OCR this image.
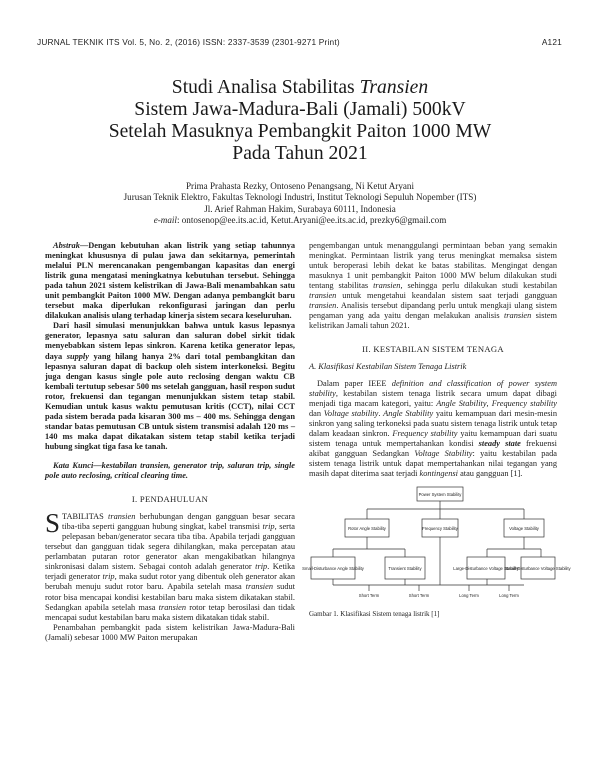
JURNAL TEKNIK ITS Vol. 5, No. 2, (2016) ISSN: 2337-3539 (2301-9271 Print)	A121
Studi Analisa Stabilitas Transien
Sistem Jawa-Madura-Bali (Jamali) 500kV
Setelah Masuknya Pembangkit Paiton 1000 MW
Pada Tahun 2021
Prima Prahasta Rezky, Ontoseno Penangsang, Ni Ketut Aryani
Jurusan Teknik Elektro, Fakultas Teknologi Industri, Institut Teknologi Sepuluh Nopember (ITS)
Jl. Arief Rahman Hakim, Surabaya 60111, Indonesia
e-mail: ontosenop@ee.its.ac.id, Ketut.Aryani@ee.its.ac.id, prezky6@gmail.com

Abstrak—Dengan kebutuhan akan listrik yang setiap tahunnya meningkat khususnya di pulau jawa dan sekitarnya, pemerintah melalui PLN merencanakan pengembangan kapasitas dan energi listrik guna mengatasi meningkatnya kebutuhan tersebut. Sehingga pada tahun 2021 sistem kelistrikan di Jawa-Bali menambahkan satu unit pembangkit Paiton 1000 MW. Dengan adanya pembangkit baru tersebut maka diperlukan rekonfigurasi jaringan dan perlu dilakukan analisis ulang terhadap kinerja sistem secara keseluruhan.

Dari hasil simulasi menunjukkan bahwa untuk kasus lepasnya generator, lepasnya satu saluran dan saluran dobel sirkit tidak menyebabkan sistem lepas sinkron. Karena ketika generator lepas, daya supply yang hilang hanya 2% dari total pembangkitan dan lepasnya saluran dapat di backup oleh sistem interkoneksi. Begitu juga dengan kasus single pole auto reclosing dengan waktu CB kembali tertutup sebesar 500 ms setelah gangguan, hasil respon sudut rotor, frekuensi dan tegangan menunjukkan sistem tetap stabil. Kemudian untuk kasus waktu pemutusan kritis (CCT), nilai CCT pada sistem berada pada kisaran 300 ms – 400 ms. Sehingga dengan standar batas pemutusan CB untuk sistem transmisi adalah 120 ms – 140 ms maka dapat dikatakan sistem tetap stabil ketika terjadi hubung singkat tiga fasa ke tanah.

Kata Kunci—kestabilan transien, generator trip, saluran trip, single pole auto reclosing, critical clearing time.
I. PENDAHULUAN

STABILITAS transien berhubungan dengan gangguan besar secara tiba-tiba seperti gangguan hubung singkat, kabel transmisi trip, serta pelepasan beban/generator secara tiba tiba. Apabila terjadi gangguan tersebut dan gangguan tidak segera dihilangkan, maka percepatan atau perlambatan putaran rotor generator akan mengakibatkan hilangnya sinkronisasi dalam sistem. Sebagai contoh adalah generator trip. Ketika terjadi generator trip, maka sudut rotor yang dibentuk oleh generator akan berubah menuju sudut rotor baru. Apabila setelah masa transien sudut rotor bisa mencapai kondisi kestabilan baru maka sistem dikatakan stabil. Sedangkan apabila setelah masa transien rotor tetap berosilasi dan tidak mencapai sudut kestabilan baru maka sistem dikatakan tidak stabil.

Penambahan pembangkit pada sistem kelistrikan Jawa-Madura-Bali (Jamali) sebesar 1000 MW Paiton merupakan

pengembangan untuk menanggulangi permintaan beban yang semakin meningkat. Permintaan listrik yang terus meningkat memaksa sistem untuk beroperasi lebih dekat ke batas stabilitas. Mengingat dengan masuknya 1 unit pembangkit Paiton 1000 MW belum dilakukan studi tentang stabilitas transien, sehingga perlu dilakukan studi kestabilan transien untuk mengetahui keandalan sistem saat terjadi gangguan transien. Analisis tersebut dipandang perlu untuk mengkaji ulang sistem pengaman yang ada yaitu dengan melakukan analisis transien sistem kelistrikan Jamali tahun 2021.

II. KESTABILAN SISTEM TENAGA
A. Klasifikasi Kestabilan Sistem Tenaga Listrik

Dalam paper IEEE definition and classification of power system stability, kestabilan sistem tenaga listrik secara umum dapat dibagi menjadi tiga macam kategori, yaitu: Angle Stability, Frequency stability dan Voltage stability. Angle Stability yaitu kemampuan dari mesin-mesin sinkron yang saling terkoneksi pada suatu sistem tenaga listrik untuk tetap dalam keadaan sinkron. Frequency stability yaitu kemampuan dari suatu sistem tenaga untuk mempertahankan kondisi steady state frekuensi akibat gangguan Sedangkan Voltage Stability: yaitu kestabilan pada sistem tenaga listrik untuk dapat mempertahankan nilai tegangan yang masih dapat diterima saat terjadi kontingensi atau gangguan [1].

Power System Stability
Rotor Angle Stability	Frequency Stability	Voltage Stability
Small-Disturbance Angle Stability	Transient Stability	Large-Disturbance Voltage Stability
Small-Disturbance Voltage Stability
Short Term	Short Term	Long Term	Long Term
Gambar 1. Klasifikasi Sistem tenaga listrik [1]
